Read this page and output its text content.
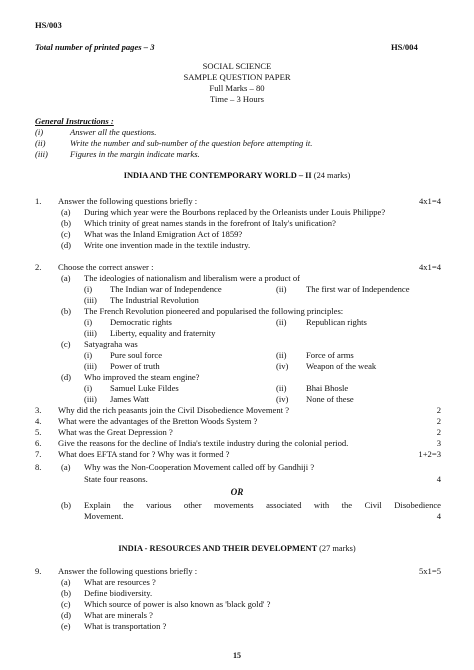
HS/003
Total number of printed pages – 3	HS/004
SOCIAL SCIENCE
SAMPLE QUESTION PAPER
Full Marks – 80
Time – 3 Hours
General Instructions :
(i)	Answer all the questions.
(ii)	Write the number and sub-number of the question before attempting it.
(iii)	Figures in the margin indicate marks.
INDIA AND THE CONTEMPORARY WORLD – II (24 marks)
1. Answer the following questions briefly :	4x1=4
(a) During which year were the Bourbons replaced by the Orleanists under Louis Philippe?
(b) Which trinity of great names stands in the forefront of Italy's unification?
(c) What was the Inland Emigration Act of 1859?
(d) Write one invention made in the textile industry.
2. Choose the correct answer :	4x1=4
(a) The ideologies of nationalism and liberalism were a product of
(i) The Indian war of Independence	(ii) The first war of Independence
(iii) The Industrial Revolution
(b) The French Revolution pioneered and popularised the following principles:
(i) Democratic rights	(ii) Republican rights
(iii) Liberty, equality and fraternity
(c) Satyagraha was
(i) Pure soul force	(ii) Force of arms
(iii) Power of truth	(iv) Weapon of the weak
(d) Who improved the steam engine?
(i) Samuel Luke Fildes	(ii) Bhai Bhosle
(iii) James Watt	(iv) None of these
3. Why did the rich peasants join the Civil Disobedience Movement ?	2
4. What were the advantages of the Bretton Woods System ?	2
5. What was the Great Depression ?	2
6. Give the reasons for the decline of India's textile industry during the colonial period.	3
7. What does EFTA stand for ? Why was it formed ?	1+2=3
8. (a) Why was the Non-Cooperation Movement called off by Gandhiji ?
State four reasons.	4
OR
(b) Explain the various other movements associated with the Civil Disobedience
Movement.	4
INDIA - RESOURCES AND THEIR DEVELOPMENT (27 marks)
9. Answer the following questions briefly :	5x1=5
(a) What are resources ?
(b) Define biodiversity.
(c) Which source of power is also known as 'black gold' ?
(d) What are minerals ?
(e) What is transportation ?
15
